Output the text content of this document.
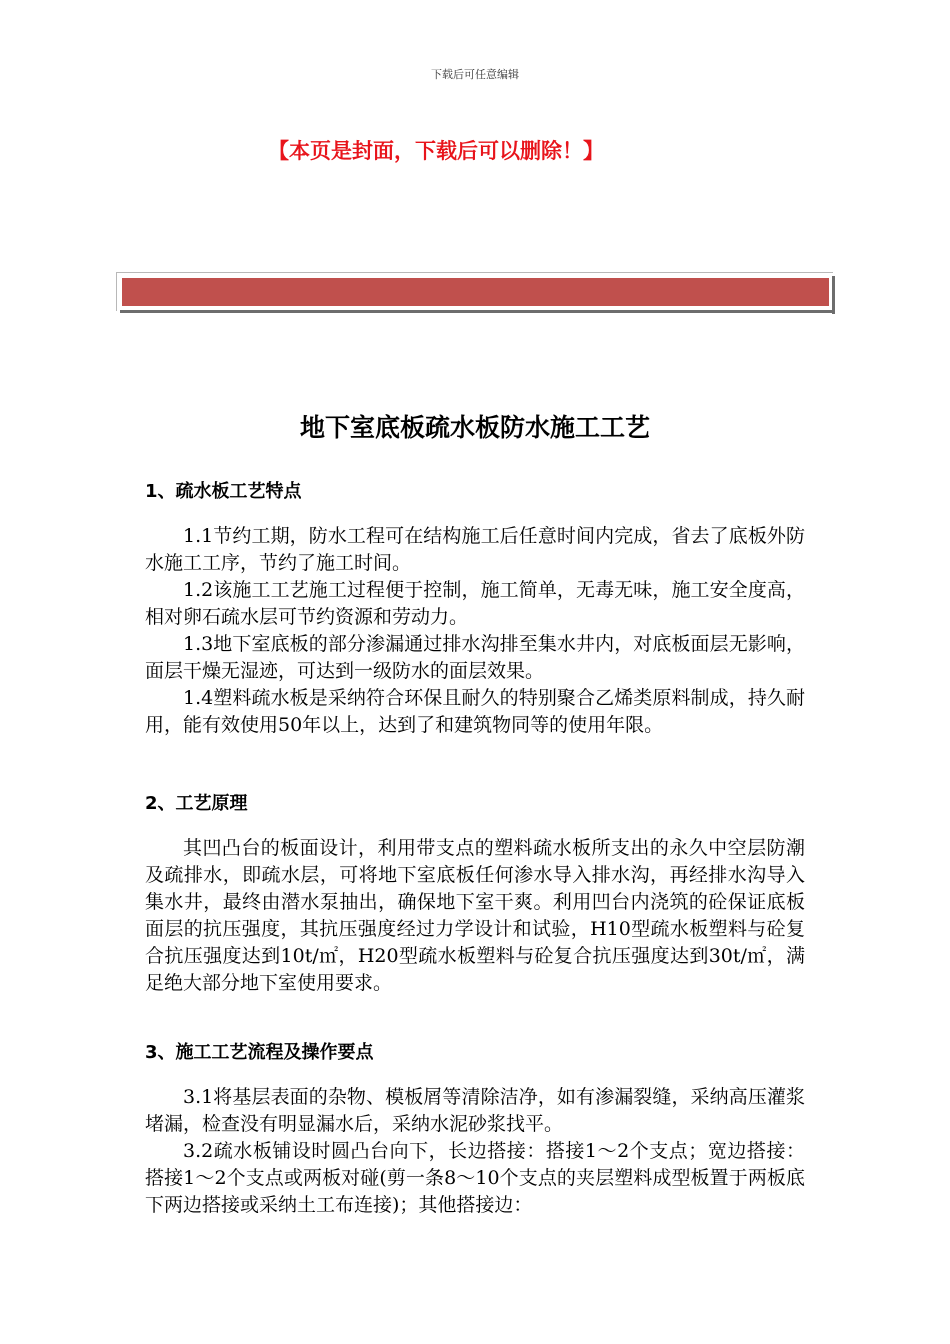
下载后可任意编辑
【本页是封面，下载后可以删除！】
地下室底板疏水板防水施工工艺
1、疏水板工艺特点

1.1节约工期，防水工程可在结构施工后任意时间内完成，省去了底板外防水施工工序，节约了施工时间。

1.2该施工工艺施工过程便于控制，施工简单，无毒无味，施工安全度高，相对卵石疏水层可节约资源和劳动力。

1.3地下室底板的部分渗漏通过排水沟排至集水井内，对底板面层无影响，面层干燥无湿迹，可达到一级防水的面层效果。

1.4塑料疏水板是采纳符合环保且耐久的特别聚合乙烯类原料制成，持久耐用，能有效使用50年以上，达到了和建筑物同等的使用年限。

2、工艺原理

其凹凸台的板面设计，利用带支点的塑料疏水板所支出的永久中空层防潮及疏排水，即疏水层，可将地下室底板任何渗水导入排水沟，再经排水沟导入集水井，最终由潜水泵抽出，确保地下室干爽。利用凹台内浇筑的砼保证底板面层的抗压强度，其抗压强度经过力学设计和试验，H10型疏水板塑料与砼复合抗压强度达到10t/㎡，H20型疏水板塑料与砼复合抗压强度达到30t/㎡，满足绝大部分地下室使用要求。

3、施工工艺流程及操作要点

3.1将基层表面的杂物、模板屑等清除洁净，如有渗漏裂缝，采纳高压灌浆堵漏，检查没有明显漏水后，采纳水泥砂浆找平。

3.2疏水板铺设时圆凸台向下，长边搭接：搭接1～2个支点；宽边搭接：搭接1～2个支点或两板对碰(剪一条8～10个支点的夹层塑料成型板置于两板底下两边搭接或采纳土工布连接)；其他搭接边：
